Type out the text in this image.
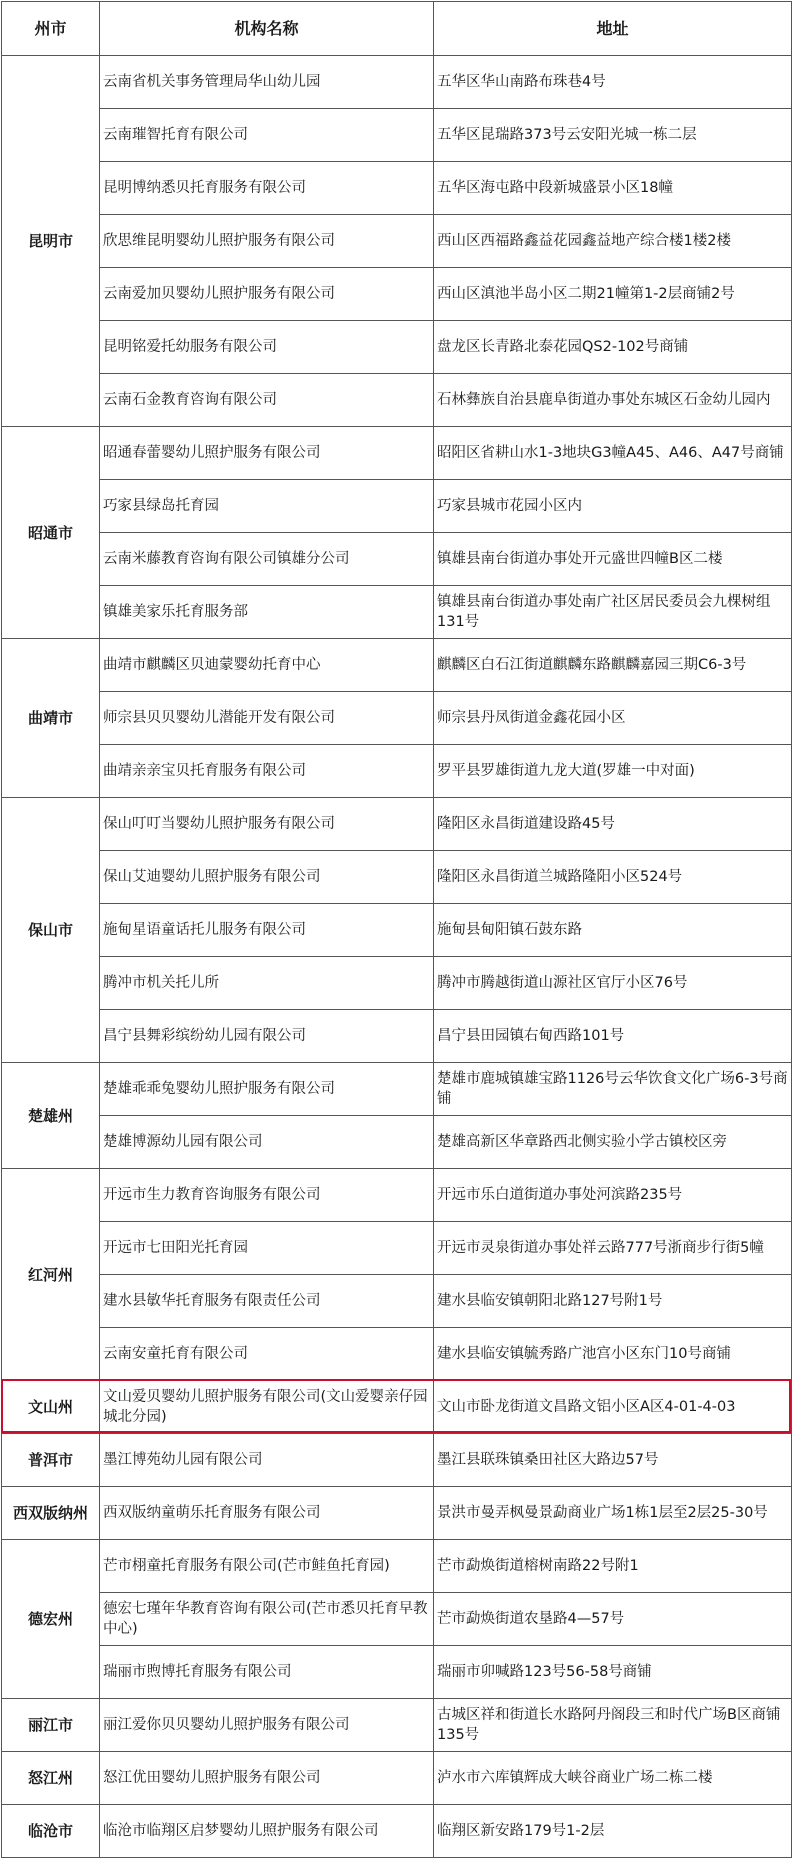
州市	机构名称	地址
昆明市	云南省机关事务管理局华山幼儿园	五华区华山南路布珠巷4号
	云南璀智托育有限公司	五华区昆瑞路373号云安阳光城一栋二层
	昆明博纳悉贝托育服务有限公司	五华区海屯路中段新城盛景小区18幢
	欣思维昆明婴幼儿照护服务有限公司	西山区西福路鑫益花园鑫益地产综合楼1楼2楼
	云南爱加贝婴幼儿照护服务有限公司	西山区滇池半岛小区二期21幢第1-2层商铺2号
	昆明铭爱托幼服务有限公司	盘龙区长青路北泰花园QS2-102号商铺
	云南石金教育咨询有限公司	石林彝族自治县鹿阜街道办事处东城区石金幼儿园内
昭通市	昭通春蕾婴幼儿照护服务有限公司	昭阳区省耕山水1-3地块G3幢A45、A46、A47号商铺
	巧家县绿岛托育园	巧家县城市花园小区内
	云南米藤教育咨询有限公司镇雄分公司	镇雄县南台街道办事处开元盛世四幢B区二楼
	镇雄美家乐托育服务部	镇雄县南台街道办事处南广社区居民委员会九棵树组131号
曲靖市	曲靖市麒麟区贝迪蒙婴幼托育中心	麒麟区白石江街道麒麟东路麒麟嘉园三期C6-3号
	师宗县贝贝婴幼儿潜能开发有限公司	师宗县丹凤街道金鑫花园小区
	曲靖亲亲宝贝托育服务有限公司	罗平县罗雄街道九龙大道(罗雄一中对面)
保山市	保山叮叮当婴幼儿照护服务有限公司	隆阳区永昌街道建设路45号
	保山艾迪婴幼儿照护服务有限公司	隆阳区永昌街道兰城路隆阳小区524号
	施甸星语童话托儿服务有限公司	施甸县甸阳镇石鼓东路
	腾冲市机关托儿所	腾冲市腾越街道山源社区官厅小区76号
	昌宁县舞彩缤纷幼儿园有限公司	昌宁县田园镇右甸西路101号
楚雄州	楚雄乖乖兔婴幼儿照护服务有限公司	楚雄市鹿城镇雄宝路1126号云华饮食文化广场6-3号商铺
	楚雄博源幼儿园有限公司	楚雄高新区华章路西北侧实验小学古镇校区旁
红河州	开远市生力教育咨询服务有限公司	开远市乐白道街道办事处河滨路235号
	开远市七田阳光托育园	开远市灵泉街道办事处祥云路777号浙商步行街5幢
	建水县敏华托育服务有限责任公司	建水县临安镇朝阳北路127号附1号
	云南安童托育有限公司	建水县临安镇毓秀路广池宫小区东门10号商铺
文山州	文山爱贝婴幼儿照护服务有限公司(文山爱婴亲仔园城北分园)	文山市卧龙街道文昌路文铝小区A区4-01-4-03
普洱市	墨江博苑幼儿园有限公司	墨江县联珠镇桑田社区大路边57号
西双版纳州	西双版纳童萌乐托育服务有限公司	景洪市曼弄枫曼景勐商业广场1栋1层至2层25-30号
德宏州	芒市栩童托育服务有限公司(芒市鲑鱼托育园)	芒市勐焕街道榕树南路22号附1
	德宏七瑾年华教育咨询有限公司(芒市悉贝托育早教中心)	芒市勐焕街道农垦路4—57号
	瑞丽市煦博托育服务有限公司	瑞丽市卯喊路123号56-58号商铺
丽江市	丽江爱你贝贝婴幼儿照护服务有限公司	古城区祥和街道长水路阿丹阁段三和时代广场B区商铺135号
怒江州	怒江优田婴幼儿照护服务有限公司	泸水市六库镇辉成大峡谷商业广场二栋二楼
临沧市	临沧市临翔区启梦婴幼儿照护服务有限公司	临翔区新安路179号1-2层
